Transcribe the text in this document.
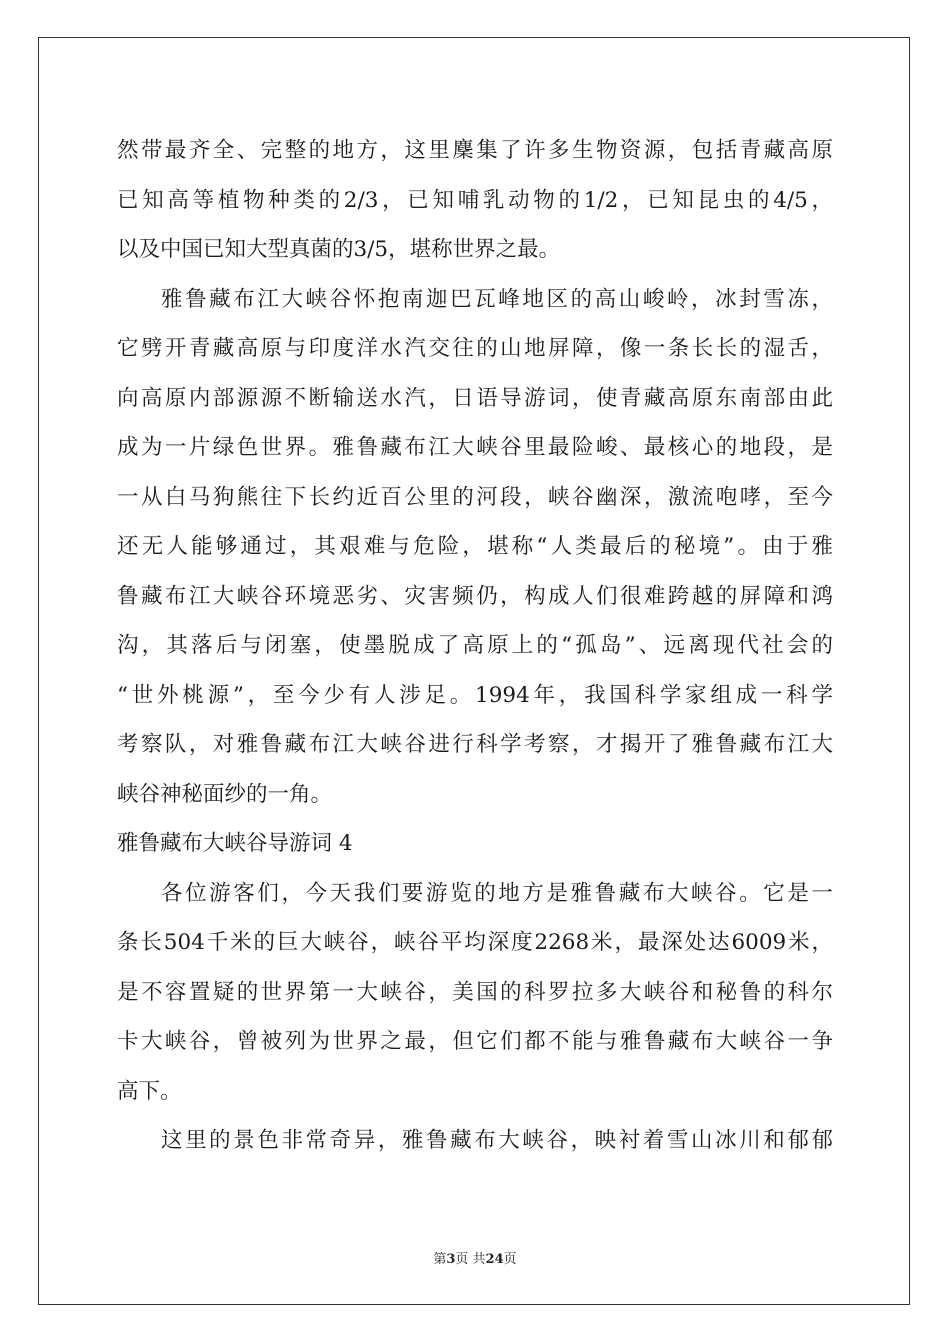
然带最齐全、完整的地方，这里麇集了许多生物资源，包括青藏高原
已知高等植物种类的2/3，已知哺乳动物的1/2，已知昆虫的4/5，
以及中国已知大型真菌的3/5，堪称世界之最。
雅鲁藏布江大峡谷怀抱南迦巴瓦峰地区的高山峻岭，冰封雪冻，
它劈开青藏高原与印度洋水汽交往的山地屏障，像一条长长的湿舌，
向高原内部源源不断输送水汽，日语导游词，使青藏高原东南部由此
成为一片绿色世界。雅鲁藏布江大峡谷里最险峻、最核心的地段，是
一从白马狗熊往下长约近百公里的河段，峡谷幽深，激流咆哮，至今
还无人能够通过，其艰难与危险，堪称“人类最后的秘境”。由于雅
鲁藏布江大峡谷环境恶劣、灾害频仍，构成人们很难跨越的屏障和鸿
沟，其落后与闭塞，使墨脱成了高原上的“孤岛”、远离现代社会的
“世外桃源”，至今少有人涉足。1994年，我国科学家组成一科学
考察队，对雅鲁藏布江大峡谷进行科学考察，才揭开了雅鲁藏布江大
峡谷神秘面纱的一角。
雅鲁藏布大峡谷导游词 4
各位游客们，今天我们要游览的地方是雅鲁藏布大峡谷。它是一
条长504千米的巨大峡谷，峡谷平均深度2268米，最深处达6009米，
是不容置疑的世界第一大峡谷，美国的科罗拉多大峡谷和秘鲁的科尔
卡大峡谷，曾被列为世界之最，但它们都不能与雅鲁藏布大峡谷一争
高下。
这里的景色非常奇异，雅鲁藏布大峡谷，映衬着雪山冰川和郁郁
第3页 共24页
